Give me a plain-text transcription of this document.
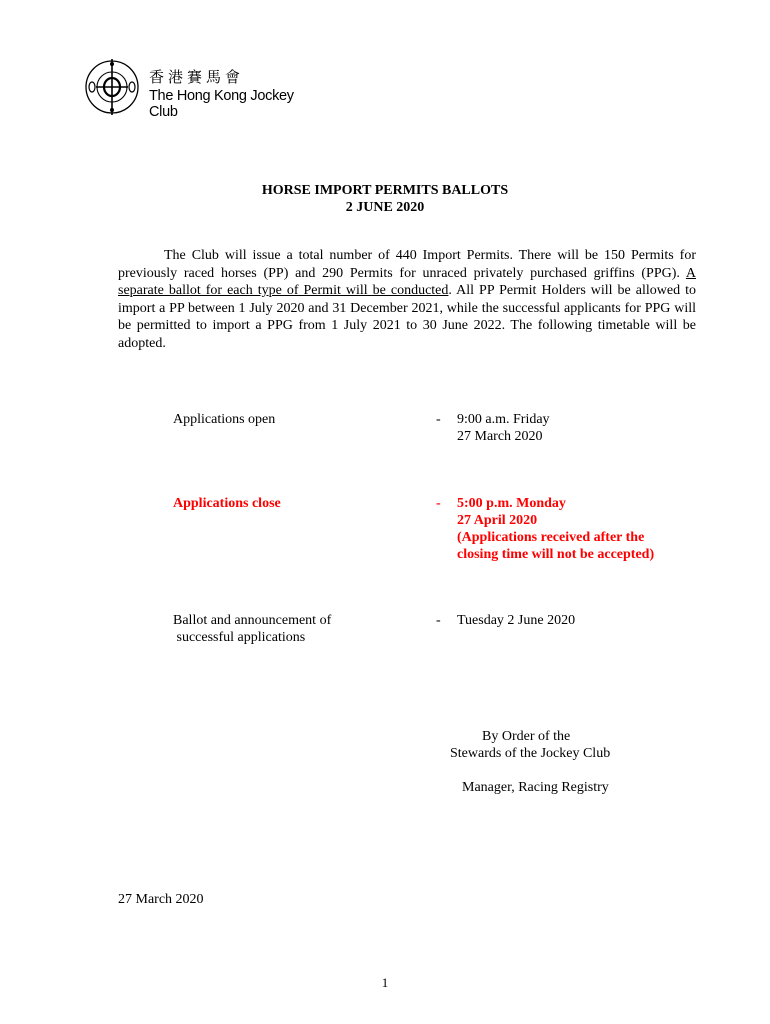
香港賽馬會
The Hong Kong Jockey Club
HORSE IMPORT PERMITS BALLOTS
2 JUNE 2020
The Club will issue a total number of 440 Import Permits. There will be 150 Permits for previously raced horses (PP) and 290 Permits for unraced privately purchased griffins (PPG). A separate ballot for each type of Permit will be conducted. All PP Permit Holders will be allowed to import a PP between 1 July 2020 and 31 December 2021, while the successful applicants for PPG will be permitted to import a PPG from 1 July 2021 to 30 June 2022. The following timetable will be adopted.
Applications open	- 9:00 a.m. Friday
27 March 2020
Applications close	- 5:00 p.m. Monday
27 April 2020
(Applications received after the
closing time will not be accepted)
Ballot and announcement of
successful applications
- Tuesday 2 June 2020
By Order of the
Stewards of the Jockey Club
Manager, Racing Registry
27 March 2020
1
